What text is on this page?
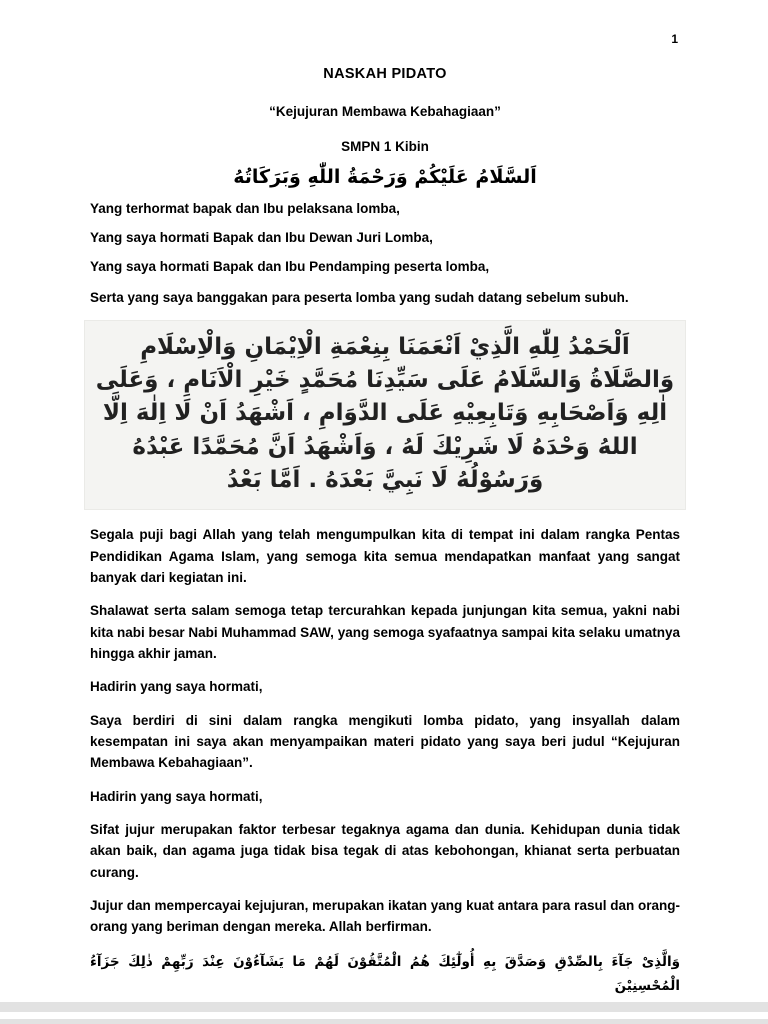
1
NASKAH PIDATO
“Kejujuran Membawa Kebahagiaan”
SMPN 1 Kibin
اَلسَّلَامُ عَلَيْكُمْ وَرَحْمَةُ اللّٰهِ وَبَرَكَاتُهُ

Yang terhormat bapak dan Ibu pelaksana lomba,

Yang saya hormati Bapak dan Ibu Dewan Juri Lomba,

Yang saya hormati Bapak dan Ibu Pendamping peserta lomba,

Serta yang saya banggakan para peserta lomba yang sudah datang sebelum subuh.

اَلْحَمْدُ لِلّٰهِ الَّذِيْ اَنْعَمَنَا بِنِعْمَةِ الْاِيْمَانِ وَالْاِسْلَامِ
وَالصَّلَاةُ وَالسَّلَامُ عَلَى سَيِّدِنَا مُحَمَّدٍ خَيْرِ الْاَنَامِ ، وَعَلَى
اٰلِهِ وَاَصْحَابِهِ وَتَابِعِيْهِ عَلَى الدَّوَامِ ، اَشْهَدُ اَنْ لَا اِلٰهَ اِلَّا
اللهُ وَحْدَهُ لَا شَرِيْكَ لَهُ ، وَاَشْهَدُ اَنَّ مُحَمَّدًا عَبْدُهُ
وَرَسُوْلُهُ لَا نَبِيَّ بَعْدَهُ . اَمَّا بَعْدُ

Segala puji bagi Allah yang telah mengumpulkan kita di tempat ini dalam rangka Pentas Pendidikan Agama Islam, yang semoga kita semua mendapatkan manfaat yang sangat banyak dari kegiatan ini.

Shalawat serta salam semoga tetap tercurahkan kepada junjungan kita semua, yakni nabi kita nabi besar Nabi Muhammad SAW, yang semoga syafaatnya sampai kita selaku umatnya hingga akhir jaman.

Hadirin yang saya hormati,

Saya berdiri di sini dalam rangka mengikuti lomba pidato, yang insyallah dalam kesempatan ini saya akan menyampaikan materi pidato yang saya beri judul “Kejujuran Membawa Kebahagiaan”.

Hadirin yang saya hormati,

Sifat jujur merupakan faktor terbesar tegaknya agama dan dunia. Kehidupan dunia tidak akan baik, dan agama juga tidak bisa tegak di atas kebohongan, khianat serta perbuatan curang.

Jujur dan mempercayai kejujuran, merupakan ikatan yang kuat antara para rasul dan orang-orang yang beriman dengan mereka. Allah berfirman.

وَالَّذِىْ جَآءَ بِالصِّدْقِ وَصَدَّقَ بِهِ أُولٰٓئِكَ هُمُ الْمُتَّقُوْنَ لَهُمْ مَا يَشَآءُوْنَ عِنْدَ رَبِّهِمْ ذٰلِكَ جَزَآءُ الْمُحْسِنِيْنَ
